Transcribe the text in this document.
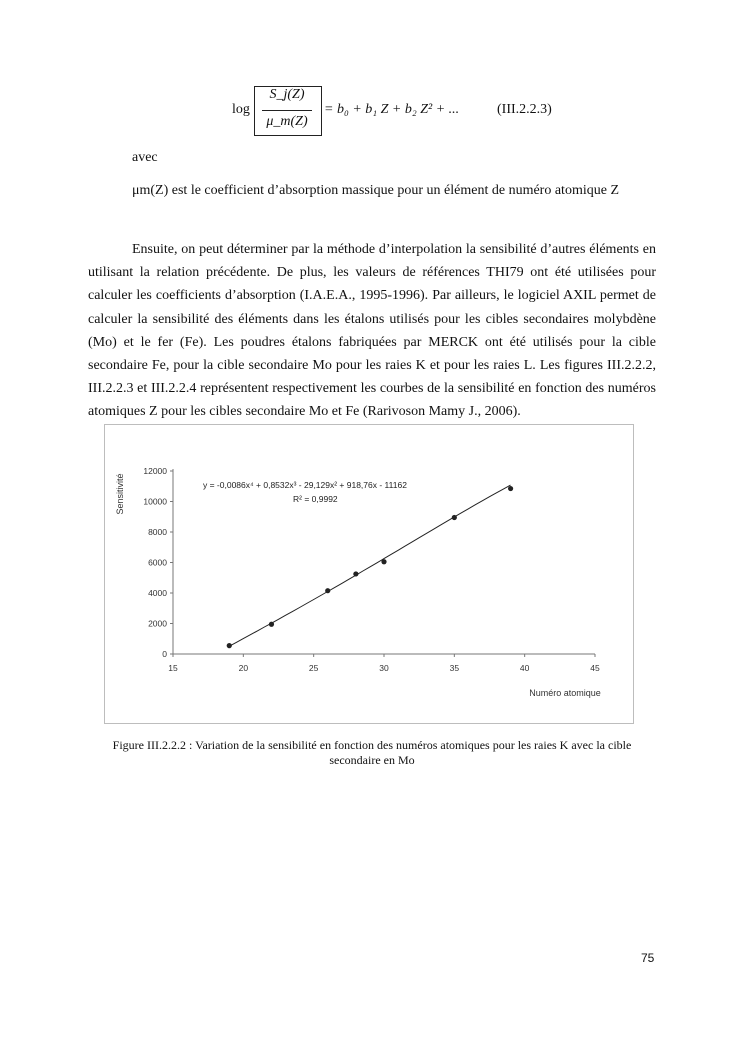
log
S_j(Z)
μ_m(Z)
= b₀ + b₁ Z + b₂ Z² + ...	(III.2.2.3)
avec
μm(Z) est le coefficient d’absorption massique pour un élément de numéro atomique Z

Ensuite, on peut déterminer par la méthode d’interpolation la sensibilité d’autres éléments en utilisant la relation précédente. De plus, les valeurs de références THI79 ont été utilisées pour calculer les coefficients d’absorption (I.A.E.A., 1995-1996). Par ailleurs, le logiciel AXIL permet de calculer la sensibilité des éléments dans les étalons utilisés pour les cibles secondaires molybdène (Mo) et le fer (Fe). Les poudres étalons fabriquées par MERCK ont été utilisés pour la cible secondaire Fe, pour la cible secondaire Mo pour les raies K et pour les raies L. Les figures III.2.2.2, III.2.2.3 et III.2.2.4 représentent respectivement les courbes de la sensibilité en fonction des numéros atomiques Z pour les cibles secondaire Mo et Fe (Rarivoson Mamy J., 2006).

0
2000
4000
6000
8000
10000
12000
15	20	25	30	35	40	45
Numéro atomique
Sensitivité	y = -0,0086x⁴ + 0,8532x³ - 29,129x² + 918,76x - 11162
R² = 0,9992
Figure III.2.2.2 : Variation de la sensibilité en fonction des numéros atomiques pour les raies K avec la cible secondaire en Mo
75
